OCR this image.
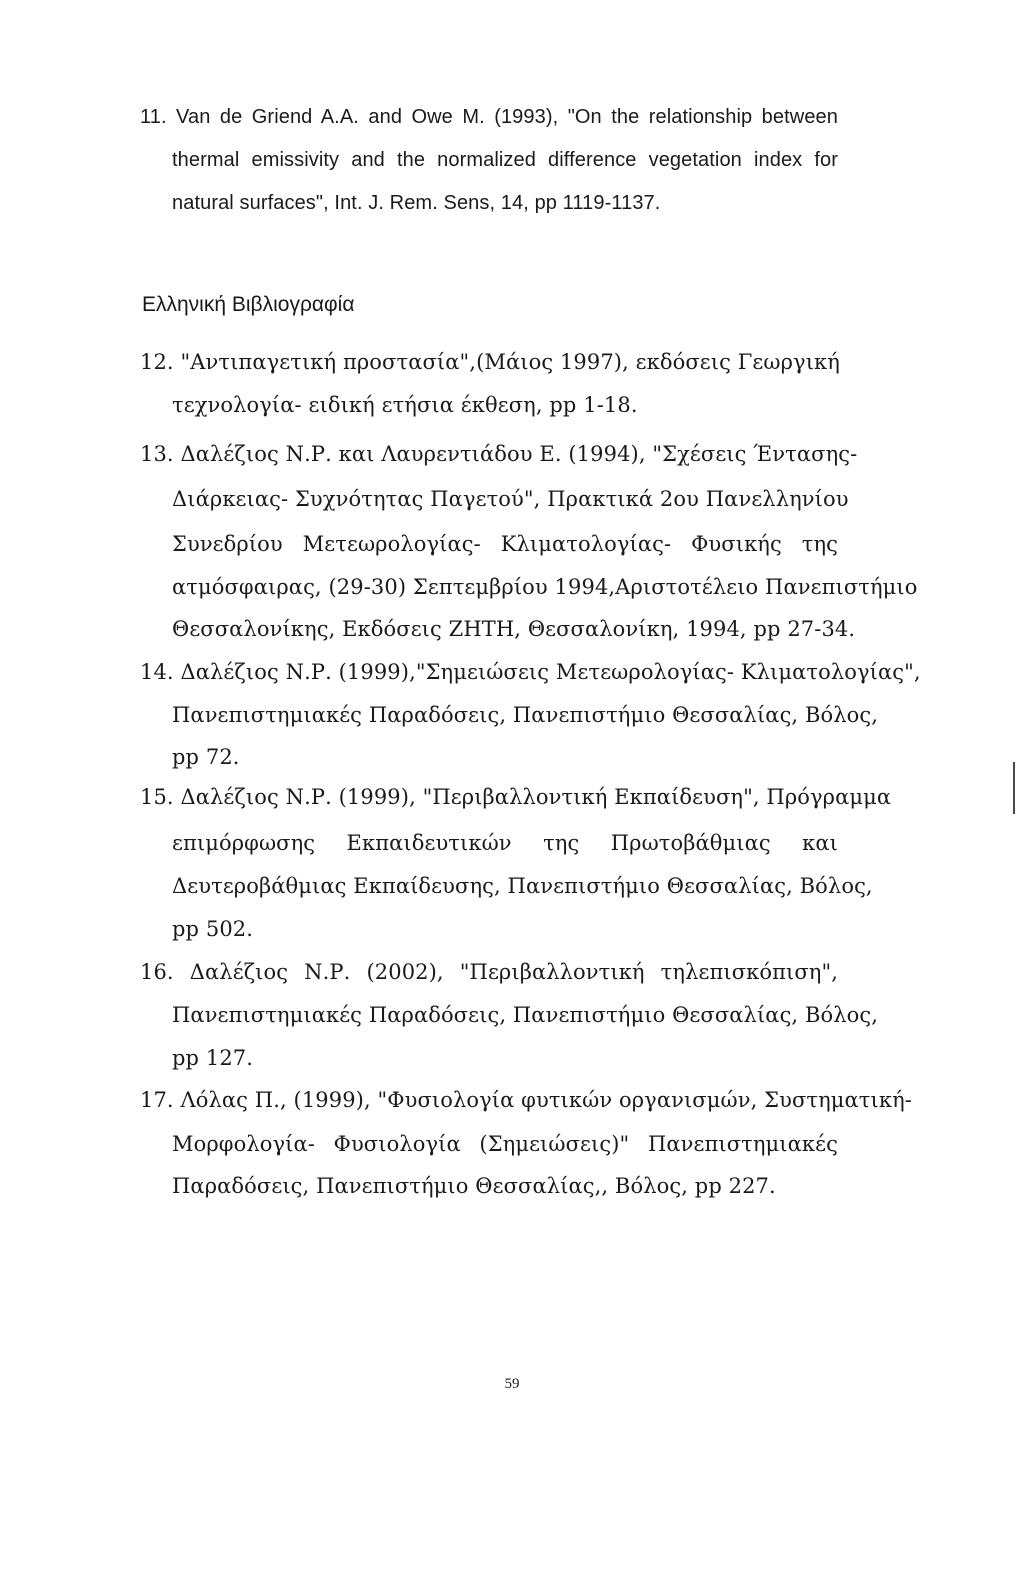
11. Van de Griend A.A. and Owe M. (1993), "On the relationship between
thermal emissivity and the normalized difference vegetation index for
natural surfaces", Int. J. Rem. Sens, 14, pp 1119-1137.
Ελληνική Βιβλιογραφία
12. "Αντιπαγετική προστασία",(Μάιος 1997), εκδόσεις Γεωργική
τεχνολογία- ειδική ετήσια έκθεση, pp 1-18.
13. Δαλέζιος Ν.Ρ. και Λαυρεντιάδου Ε. (1994), "Σχέσεις Έντασης-
Διάρκειας- Συχνότητας Παγετού", Πρακτικά 2ου Πανελληνίου
Συνεδρίου Μετεωρολογίας- Κλιματολογίας- Φυσικής της
ατμόσφαιρας, (29-30) Σεπτεμβρίου 1994,Αριστοτέλειο Πανεπιστήμιο
Θεσσαλονίκης, Εκδόσεις ΖΗΤΗ, Θεσσαλονίκη, 1994, pp 27-34.
14. Δαλέζιος Ν.Ρ. (1999),"Σημειώσεις Μετεωρολογίας- Κλιματολογίας",
Πανεπιστημιακές Παραδόσεις, Πανεπιστήμιο Θεσσαλίας, Βόλος,
pp 72.
15. Δαλέζιος Ν.Ρ. (1999), "Περιβαλλοντική Εκπαίδευση", Πρόγραμμα
επιμόρφωσης Εκπαιδευτικών της Πρωτοβάθμιας και
Δευτεροβάθμιας Εκπαίδευσης, Πανεπιστήμιο Θεσσαλίας, Βόλος,
pp 502.
16. Δαλέζιος Ν.Ρ. (2002), "Περιβαλλοντική τηλεπισκόπιση",
Πανεπιστημιακές Παραδόσεις, Πανεπιστήμιο Θεσσαλίας, Βόλος,
pp 127.
17. Λόλας Π., (1999), "Φυσιολογία φυτικών οργανισμών, Συστηματική-
Μορφολογία- Φυσιολογία (Σημειώσεις)" Πανεπιστημιακές
Παραδόσεις, Πανεπιστήμιο Θεσσαλίας,, Βόλος, pp 227.
59
